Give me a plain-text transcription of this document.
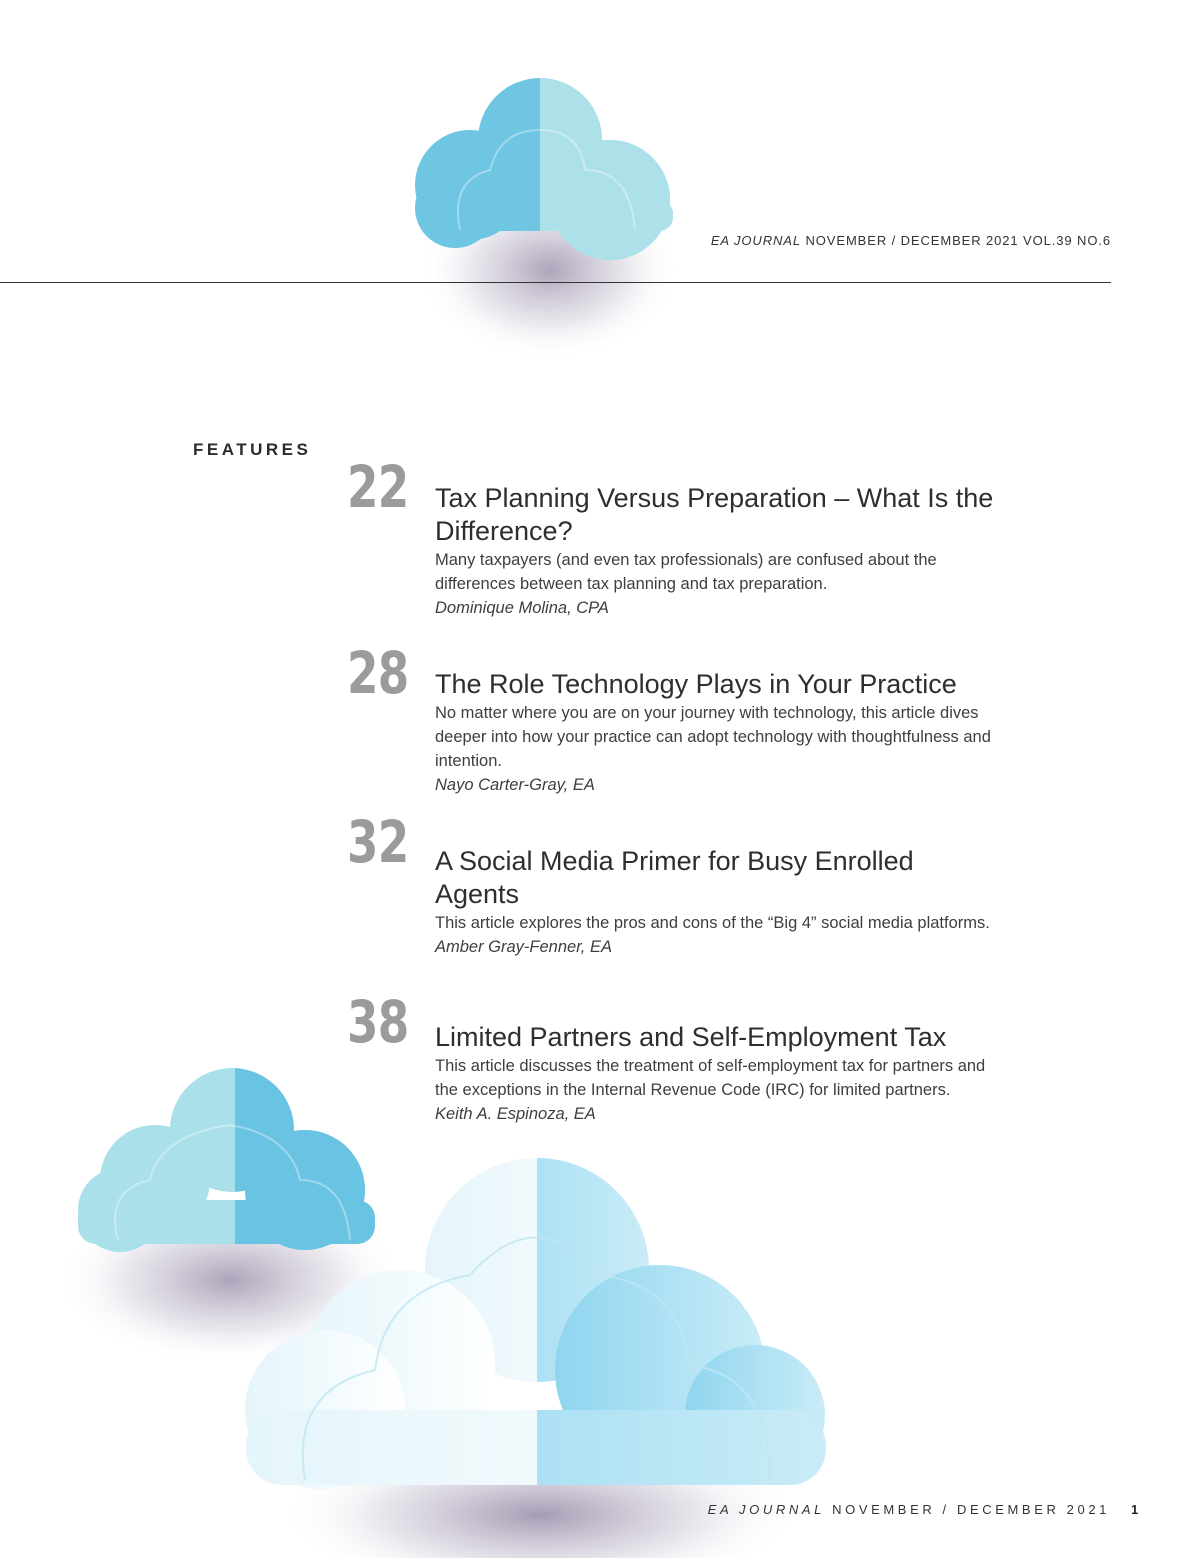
EA JOURNAL NOVEMBER / DECEMBER 2021 VOL.39 NO.6
FEATURES
22 Tax Planning Versus Preparation – What Is the Difference?

Many taxpayers (and even tax professionals) are confused about the differences between tax planning and tax preparation.

Dominique Molina, CPA

28 The Role Technology Plays in Your Practice

No matter where you are on your journey with technology, this article dives deeper into how your practice can adopt technology with thoughtfulness and intention.

Nayo Carter-Gray, EA

32 A Social Media Primer for Busy Enrolled Agents

This article explores the pros and cons of the “Big 4” social media platforms.

Amber Gray-Fenner, EA

38 Limited Partners and Self-Employment Tax

This article discusses the treatment of self-employment tax for partners and the exceptions in the Internal Revenue Code (IRC) for limited partners.

Keith A. Espinoza, EA

EA JOURNAL NOVEMBER / DECEMBER 2021 1
